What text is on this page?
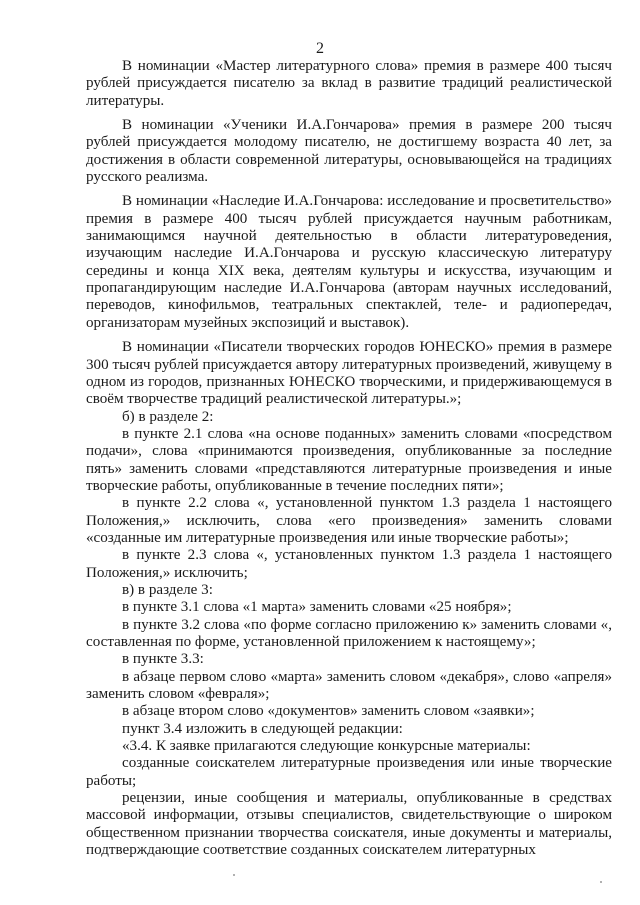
2

В номинации «Мастер литературного слова» премия в размере 400 тысяч рублей присуждается писателю за вклад в развитие традиций реалистической литературы.

В номинации «Ученики И.А.Гончарова» премия в размере 200 тысяч рублей присуждается молодому писателю, не достигшему возраста 40 лет, за достижения в области современной литературы, основывающейся на традициях русского реализма.

В номинации «Наследие И.А.Гончарова: исследование и просветительство» премия в размере 400 тысяч рублей присуждается научным работникам, занимающимся научной деятельностью в области литературоведения, изучающим наследие И.А.Гончарова и русскую классическую литературу середины и конца XIX века, деятелям культуры и искусства, изучающим и пропагандирующим наследие И.А.Гончарова (авторам научных исследований, переводов, кинофильмов, театральных спектаклей, теле- и радиопередач, организаторам музейных экспозиций и выставок).

В номинации «Писатели творческих городов ЮНЕСКО» премия в размере 300 тысяч рублей присуждается автору литературных произведений, живущему в одном из городов, признанных ЮНЕСКО творческими, и придерживающемуся в своём творчестве традиций реалистической литературы.»;

б) в разделе 2:

в пункте 2.1 слова «на основе поданных» заменить словами «посредством подачи», слова «принимаются произведения, опубликованные за последние пять» заменить словами «представляются литературные произведения и иные творческие работы, опубликованные в течение последних пяти»;

в пункте 2.2 слова «, установленной пунктом 1.3 раздела 1 настоящего Положения,» исключить, слова «его произведения» заменить словами «созданные им литературные произведения или иные творческие работы»;

в пункте 2.3 слова «, установленных пунктом 1.3 раздела 1 настоящего Положения,» исключить;

в) в разделе 3:

в пункте 3.1 слова «1 марта» заменить словами «25 ноября»;

в пункте 3.2 слова «по форме согласно приложению к» заменить словами «, составленная по форме, установленной приложением к настоящему»;

в пункте 3.3:

в абзаце первом слово «марта» заменить словом «декабря», слово «апреля» заменить словом «февраля»;

в абзаце втором слово «документов» заменить словом «заявки»;

пункт 3.4 изложить в следующей редакции:

«3.4. К заявке прилагаются следующие конкурсные материалы:

созданные соискателем литературные произведения или иные творческие работы;

рецензии, иные сообщения и материалы, опубликованные в средствах массовой информации, отзывы специалистов, свидетельствующие о широком общественном признании творчества соискателя, иные документы и материалы, подтверждающие соответствие созданных соискателем литературных
